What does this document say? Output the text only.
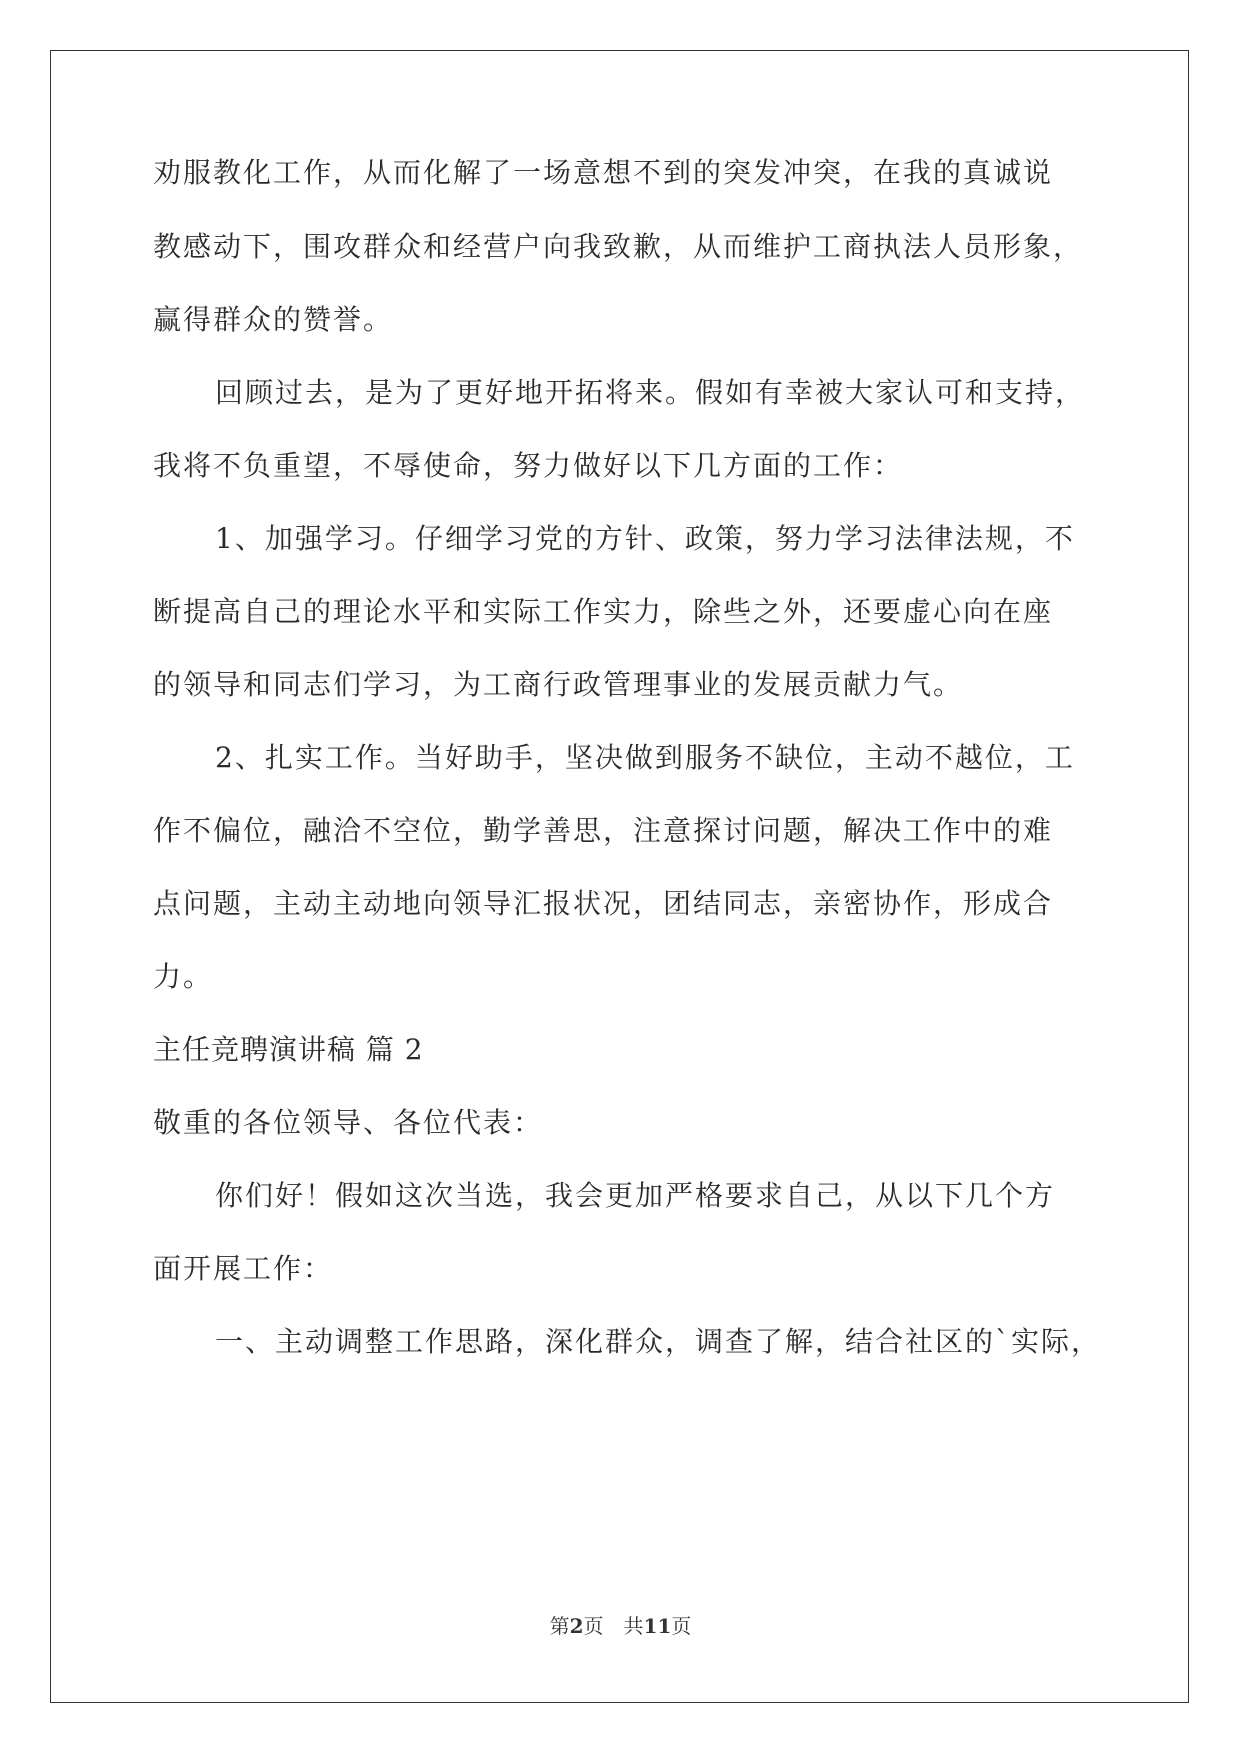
劝服教化工作，从而化解了一场意想不到的突发冲突，在我的真诚说
教感动下，围攻群众和经营户向我致歉，从而维护工商执法人员形象，
赢得群众的赞誉。
回顾过去，是为了更好地开拓将来。假如有幸被大家认可和支持，
我将不负重望，不辱使命，努力做好以下几方面的工作：
1、加强学习。仔细学习党的方针、政策，努力学习法律法规，不
断提高自己的理论水平和实际工作实力，除些之外，还要虚心向在座
的领导和同志们学习，为工商行政管理事业的发展贡献力气。
2、扎实工作。当好助手，坚决做到服务不缺位，主动不越位，工
作不偏位，融洽不空位，勤学善思，注意探讨问题，解决工作中的难
点问题，主动主动地向领导汇报状况，团结同志，亲密协作，形成合
力。
主任竞聘演讲稿 篇 2
敬重的各位领导、各位代表：
你们好！假如这次当选，我会更加严格要求自己，从以下几个方
面开展工作：
一、主动调整工作思路，深化群众，调查了解，结合社区的`实际，
第2页　共11页
